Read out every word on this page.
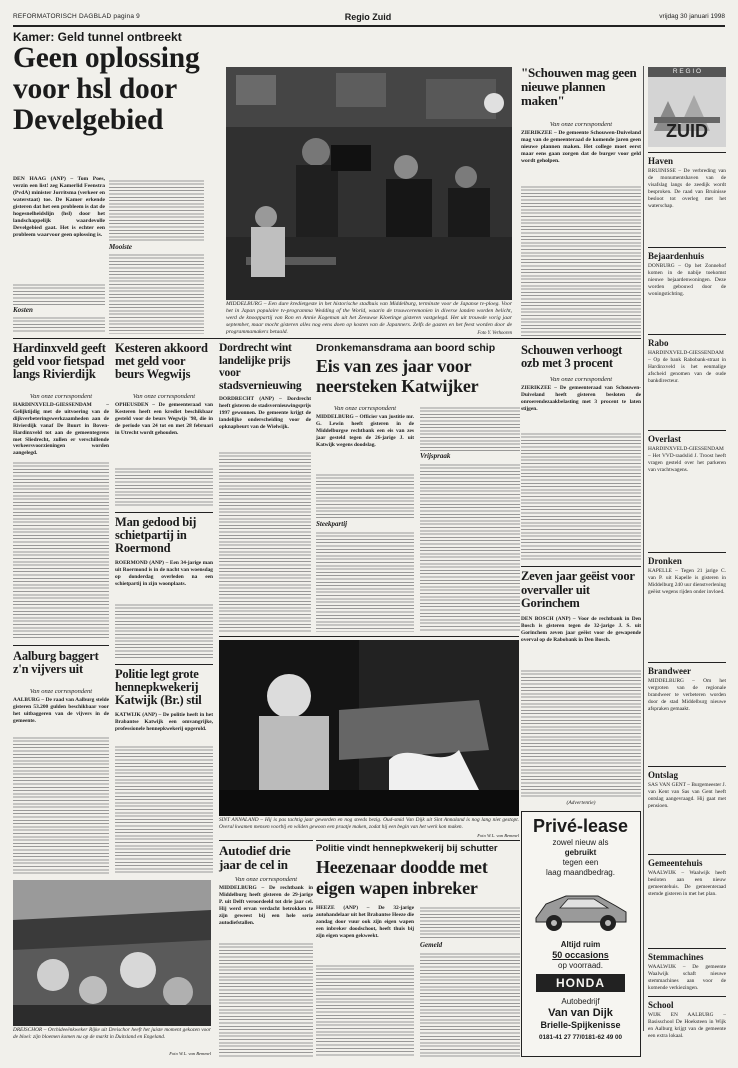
REFORMATORISCH DAGBLAD pagina 9	Regio Zuid	vrijdag 30 januari 1998
Kamer: Geld tunnel ontbreekt
Geen oplossing voor hsl door Develgebied
DEN HAAG (ANP) – Tom Poes, verzin een list! zeg Kamerlid Feenstra (PvdA) minister Jorritsma (verkeer en waterstaat) toe. De Kamer erkende gisteren dat het een probleem is dat de hogesnelheidslijn (hsl) door het landschappelijk waardevolle Develgebied gaat. Het is echter een probleem waarvoor geen oplossing is.
Kosten
Mooiste
MIDDELBURG – Een dure kredietgeste in het historische stadhuis van Middelburg, terminste voor de Japanse tv-ploeg. Voor het in Japan populaire tv-programma Wedding of the World, waarin de trouwceremonien in diverse landen worden belicht, werd de knooppartij van Ron en Annie Kogeman uit het Zeeuwse Kloetinge gisteren vastgelegd. Het uit trouwde vorig jaar september, maar mocht gisteren alles nog eens doen op kosten van de Japanners. Zelfs de gasten en het feest worden door de programmamakers betaald.	Foto Y. Verhooren
"Schouwen mag geen nieuwe plannen maken"
Van onze correspondent
ZIERIKZEE – De gemeente Schouwen-Duiveland mag van de gemeenteraad de komende jaren geen nieuwe plannen maken. Het college moet eerst maar eens gaan zorgen dat de burger voor geld wordt geholpen.
R E G I O
ZUID
Haven
BRUINISSE – De verbreding van de monumentshaven van de visafslag langs de zeedijk wordt besproken. De raad van Bruinisse besloot tot overleg met het waterschap.
Bejaardenhuis
DONBURG – Op het Zonnehof komen in de nabije toekomst nieuwe bejaardenwoningen. Deze worden gebouwd door de woningstichting.
Rabo
HARDINXVELD-GIESSENDAM – Op de bank Rabobank-straat in Hardinxveld is het eenmalige afscheid genomen van de oude bankdirecteur.
Overlast
HARDINXVELD-GIESSENDAM – Het VVD-raadslid J. Troost heeft vragen gesteld over het parkeren van vrachtwagens.
Dronken
KAPELLE – Tegen 21 jarige C. van P. uit Kapelle is gisteren in Middelburg 240 uur dienstverlening geëist wegens rijden onder invloed.
Brandweer
MIDDELBURG – Om het vergroten van de regionale brandweer te verbeteren worden door de stad Middelburg nieuwe afspraken gemaakt.
Ontslag
SAS VAN GENT – Burgemeester J. van Kent van Sas van Gent heeft ontslag aangevraagd. Hij gaat met pensioen.
Gemeentehuis
WAALWIJK – Waalwijk heeft besloten aan een nieuw gemeentehuis. De gemeenteraad stemde gisteren in met het plan.
Stemmachines
WAALWIJK – De gemeente Waalwijk schaft nieuwe stemmachines aan voor de komende verkiezingen.
School
WIJK EN AALBURG – Basisschool De Hoeksteen in Wijk en Aalburg krijgt van de gemeente een extra lokaal.
Hardinxveld geeft geld voor fietspad langs Rivierdijk
Van onze correspondent
HARDINXVELD-GIESSENDAM – Gelijktijdig met de uitvoering van de dijkverbeteringswerkzaamheden aan de Rivierdijk vanaf De Buurt in Boven-Hardinxveld tot aan de gemeentegrens met Sliedrecht, zullen er verschillende verkeersvoorzieningen worden aangelegd.
Aalburg baggert z'n vijvers uit
Van onze correspondent
AALBURG – De raad van Aalburg stelde gisteren 53.200 gulden beschikbaar voor het uitbaggeren van de vijvers in de gemeente.
DREISCHOR – Orchideeënkweker Rijke uit Dreischor heeft het juiste moment gekozen voor de bloei: zijn bloemen komen nu op de markt in Duitsland en Engeland.
Foto W.L. van Bemmel
Kesteren akkoord met geld voor beurs Wegwijs
Van onze correspondent
OPHEUSDEN – De gemeenteraad van Kesteren heeft een krediet beschikbaar gesteld voor de beurs Wegwijs '98, die in de periode van 24 tot en met 28 februari in Utrecht wordt gehouden.
Man gedood bij schietpartij in Roermond
ROERMOND (ANP) – Een 34-jarige man uit Roermond is in de nacht van woensdag op donderdag overleden na een schietpartij in zijn woonplaats.
Politie legt grote hennepkwekerij Katwijk (Br.) stil
KATWIJK (ANP) – De politie heeft in het Brabantse Katwijk een omvangrijke, professionele hennepkwekerij opgerold.
Dordrecht wint landelijke prijs voor stadsvernieuwing
DORDRECHT (ANP) – Dordrecht heeft gisteren de stadsvernieuwingsprijs 1997 gewonnen. De gemeente krijgt de landelijke onderscheiding voor de opknapbeurt van de Wielwijk.
Dronkemansdrama aan boord schip
Eis van zes jaar voor neersteken Katwijker
Van onze correspondent
MIDDELBURG – Officier van justitie mr. G. Lewin heeft gisteren in de Middelburgse rechtbank een eis van zes jaar gesteld tegen de 26-jarige J. uit Katwijk wegens doodslag.
Steekpartij
Vrijspraak
Schouwen verhoogt ozb met 3 procent
Van onze correspondent
ZIERIKZEE – De gemeenteraad van Schouwen-Duiveland heeft gisteren besloten de onroerendezaakbelasting met 3 procent te laten stijgen.
Zeven jaar geëist voor overvaller uit Gorinchem
DEN BOSCH (ANP) – Voor de rechtbank in Den Bosch is gisteren tegen de 32-jarige J. S. uit Gorinchem zeven jaar geëist voor de gewapende overval op de Rabobank in Den Bosch.
SINT ANNALAND – Hij is pas tachtig jaar geworden en nog steeds bezig. Oud-smid Van Dijk uit Sint Annaland is nog lang niet gestopt. Overal kwamen mensen voorbij en wilden gewoon een praatje maken, zodat hij een begin van het werk kon maken.
Foto W.L. van Bemmel
Autodief drie jaar de cel in
Van onze correspondent
MIDDELBURG – De rechtbank in Middelburg heeft gisteren de 29-jarige P. uit Delft veroordeeld tot drie jaar cel. Hij werd ervan verdacht betrokken te zijn geweest bij een hele serie autodiefstallen.
Politie vindt hennepkwekerij bij schutter
Heezenaar doodde met eigen wapen inbreker
HEEZE (ANP) – De 32-jarige autohandelaar uit het Brabantse Heeze die zondag door vuur ook zijn eigen wapen een inbreker doodschoot, heeft thuis bij zijn eigen wapen gekweekt.
Gemeld
(Advertentie)
Privé-lease
zowel nieuw als
gebruikt
tegen een
laag maandbedrag.
Altijd ruim
50 occasions
op voorraad.
HONDA
Autobedrijf
Van van Dijk
Brielle-Spijkenisse
0181-41 27 77/0181-62 49 00
